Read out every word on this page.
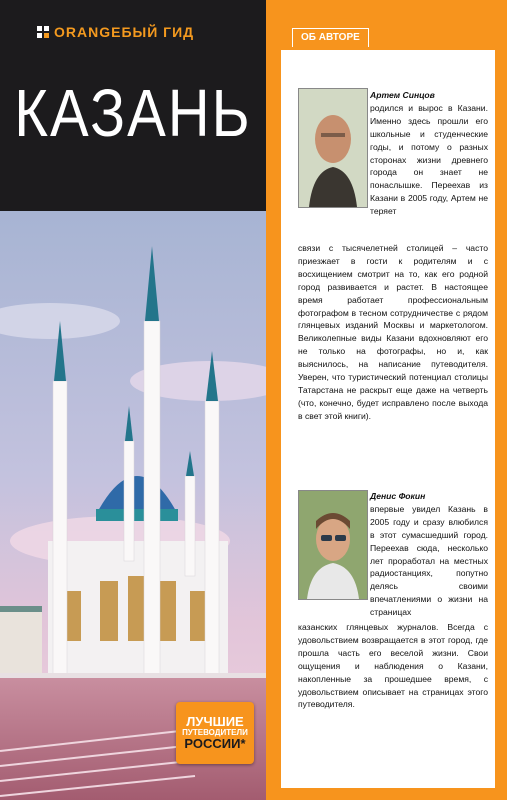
ORANGEБЫЙ ГИД
КАЗАНЬ
ЛУЧШИЕ
ПУТЕВОДИТЕЛИ
РОССИИ*
ОБ АВТОРЕ
Артем Синцов
родился и вырос в Казани. Именно здесь прошли его школьные и студенческие годы, и потому о разных сторонах жизни древнего города он знает не понаслышке. Переехав из Казани в 2005 году, Артем не теряет
связи с тысячелетней столицей – часто приезжает в гости к родителям и с восхищением смотрит на то, как его родной город развивается и растет. В настоящее время работает профессиональным фотографом в тесном сотрудничестве с рядом глянцевых изданий Москвы и маркетологом. Великолепные виды Казани вдохновляют его не только на фотографы, но и, как выяснилось, на написание путеводителя. Уверен, что туристический потенциал столицы Татарстана не раскрыт еще даже на четверть (что, конечно, будет исправлено после выхода в свет этой книги).
Денис Фокин
впервые увидел Казань в 2005 году и сразу влюбился в этот сумасшедший город. Переехав сюда, несколько лет проработал на местных радиостанциях, попутно делясь своими впечатлениями о жизни на страницах
казанских глянцевых журналов. Всегда с удовольствием возвращается в этот город, где прошла часть его веселой жизни. Свои ощущения и наблюдения о Казани, накопленные за прошедшее время, с удовольствием описывает на страницах этого путеводителя.
